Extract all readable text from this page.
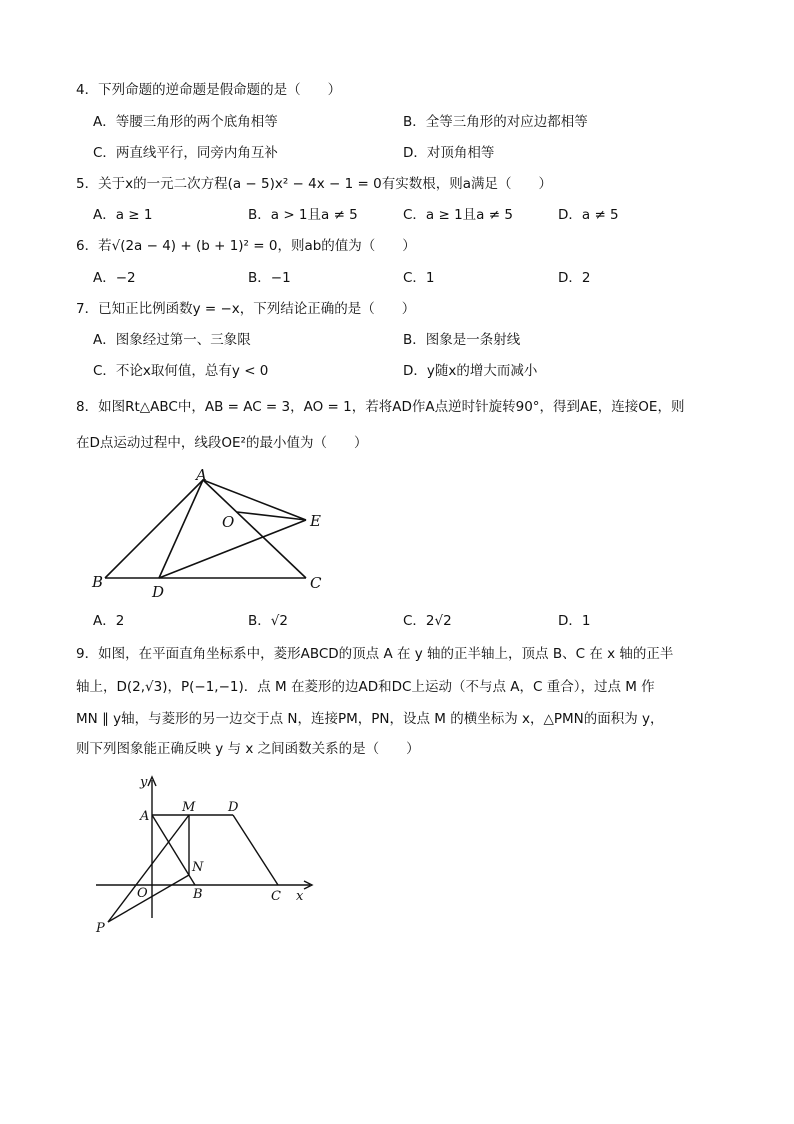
4．下列命题的逆命题是假命题的是（　　）
A．等腰三角形的两个底角相等	B．全等三角形的对应边都相等
C．两直线平行，同旁内角互补	D．对顶角相等
5．关于x的一元二次方程(a − 5)x² − 4x − 1 = 0有实数根，则a满足（　　）
A．a ≥ 1	B．a > 1且a ≠ 5	C．a ≥ 1且a ≠ 5	D．a ≠ 5
6．若√(2a − 4) + (b + 1)² = 0，则ab的值为（　　）
A．−2	B．−1	C．1	D．2
7．已知正比例函数y = −x，下列结论正确的是（　　）
A．图象经过第一、三象限	B．图象是一条射线
C．不论x取何值，总有y < 0	D．y随x的增大而减小
8．如图Rt△ABC中，AB = AC = 3，AO = 1，若将AD作A点逆时针旋转90°，得到AE，连接OE，则
在D点运动过程中，线段OE²的最小值为（　　）
A
B	C
D
E
O
A．2	B．√2	C．2√2	D．1
9．如图，在平面直角坐标系中，菱形ABCD的顶点 A 在 y 轴的正半轴上，顶点 B、C 在 x 轴的正半
轴上，D(2,√3)，P(−1,−1)．点 M 在菱形的边AD和DC上运动（不与点 A，C 重合），过点 M 作
MN ∥ y轴，与菱形的另一边交于点 N，连接PM，PN，设点 M 的横坐标为 x，△PMN的面积为 y，
则下列图象能正确反映 y 与 x 之间函数关系的是（　　）
y
x
A
M	D
N
O	B	C
P
